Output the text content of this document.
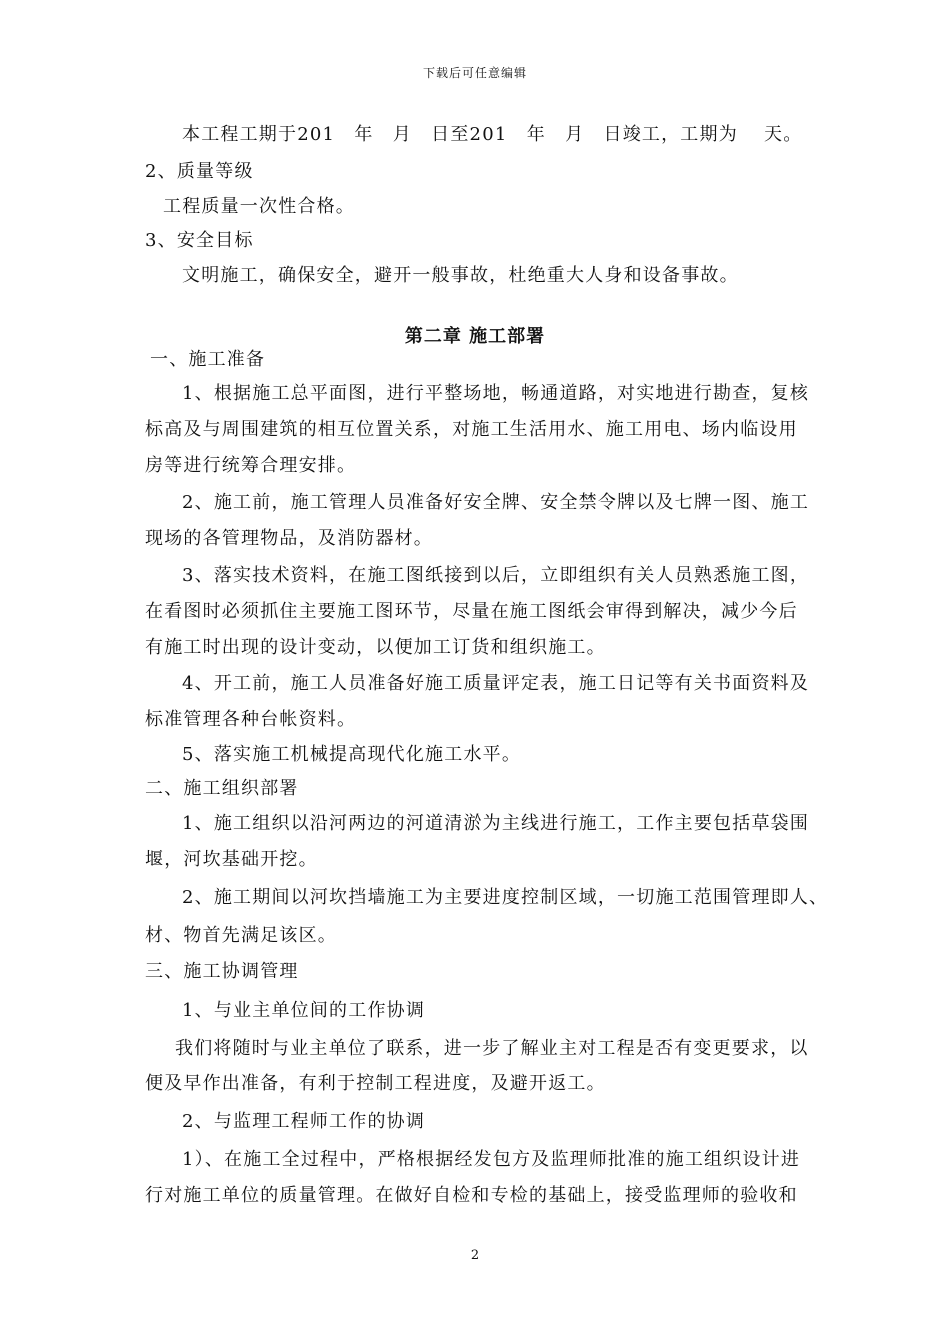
下载后可任意编辑
本工程工期于201　年　月　日至201　年　月　日竣工，工期为　 天。
2、质量等级
工程质量一次性合格。
3、安全目标
文明施工，确保安全，避开一般事故，杜绝重大人身和设备事故。
第二章 施工部署
一、施工准备
1、根据施工总平面图，进行平整场地，畅通道路，对实地进行勘查，复核
标高及与周围建筑的相互位置关系，对施工生活用水、施工用电、场内临设用
房等进行统筹合理安排。
2、施工前，施工管理人员准备好安全牌、安全禁令牌以及七牌一图、施工
现场的各管理物品，及消防器材。
3、落实技术资料，在施工图纸接到以后，立即组织有关人员熟悉施工图，
在看图时必须抓住主要施工图环节，尽量在施工图纸会审得到解决，减少今后
有施工时出现的设计变动，以便加工订货和组织施工。
4、开工前，施工人员准备好施工质量评定表，施工日记等有关书面资料及
标准管理各种台帐资料。
5、落实施工机械提高现代化施工水平。
二、施工组织部署
1、施工组织以沿河两边的河道清淤为主线进行施工，工作主要包括草袋围
堰，河坎基础开挖。
2、施工期间以河坎挡墙施工为主要进度控制区域，一切施工范围管理即人、
材、物首先满足该区。
三、施工协调管理
1、与业主单位间的工作协调
我们将随时与业主单位了联系，进一步了解业主对工程是否有变更要求，以
便及早作出准备，有利于控制工程进度，及避开返工。
2、与监理工程师工作的协调
1）、在施工全过程中，严格根据经发包方及监理师批准的施工组织设计进
行对施工单位的质量管理。在做好自检和专检的基础上，接受监理师的验收和
2
